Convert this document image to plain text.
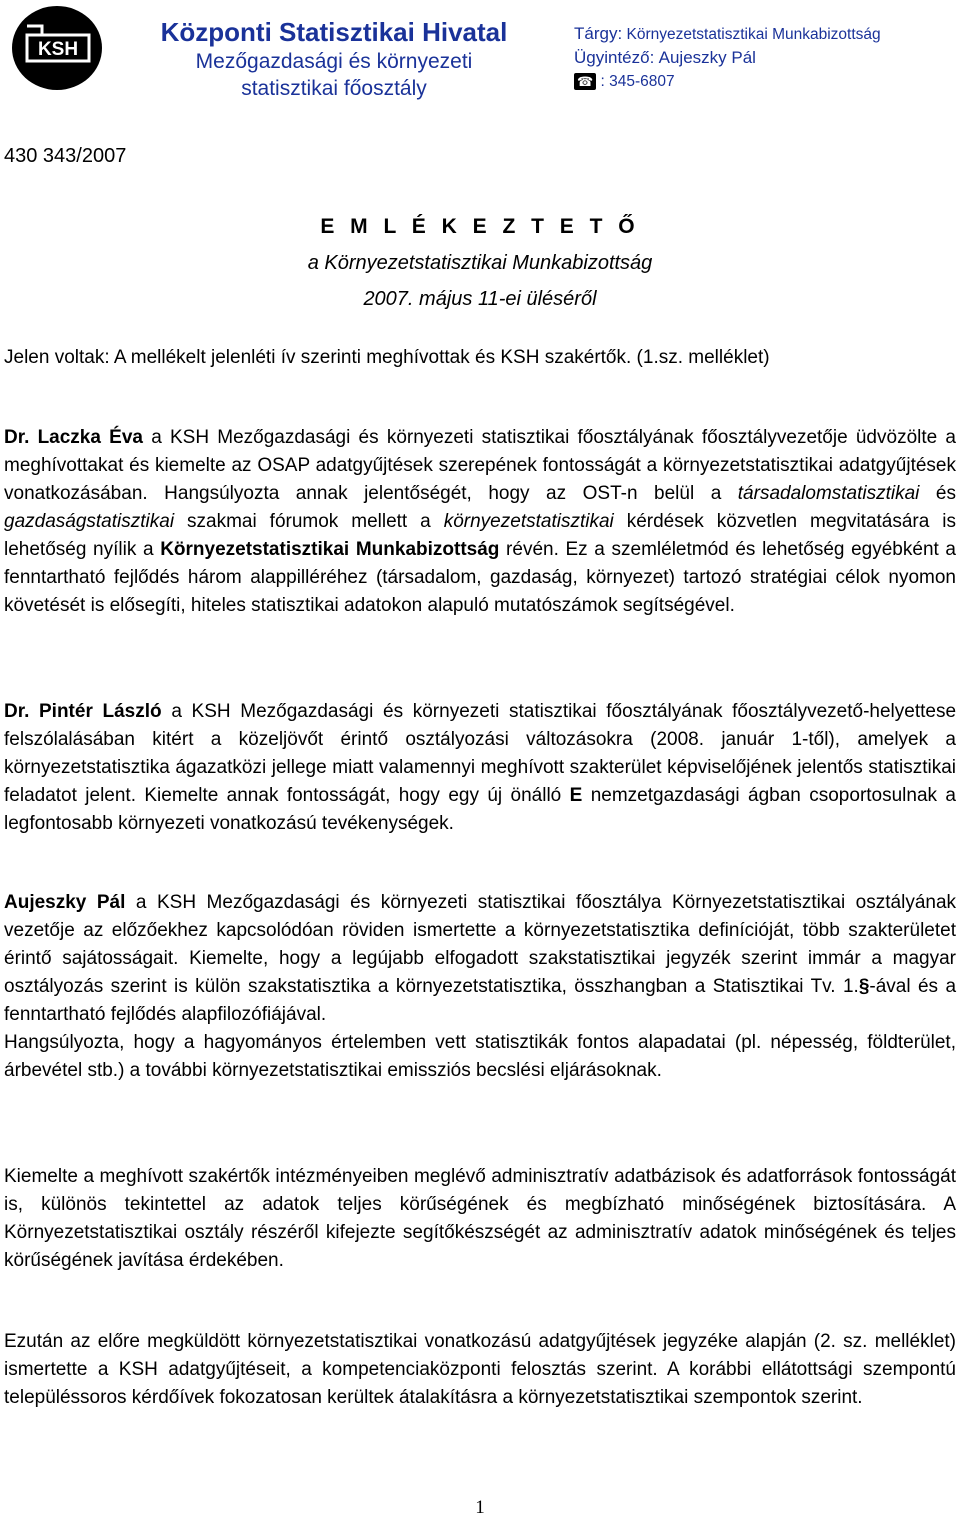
KSH
Központi Statisztikai Hivatal
Mezőgazdasági és környezeti
statisztikai főosztály
Tárgy: Környezetstatisztikai Munkabizottság
Ügyintéző: Aujeszky Pál
☎ : 345-6807
430 343/2007
E M L É K E Z T E T Ő
a Környezetstatisztikai Munkabizottság
2007. május 11-ei üléséről
Jelen voltak: A mellékelt jelenléti ív szerinti meghívottak és KSH szakértők. (1.sz. melléklet)
Dr. Laczka Éva a KSH Mezőgazdasági és környezeti statisztikai főosztályának főosztályvezetője üdvözölte a meghívottakat és kiemelte az OSAP adatgyűjtések szerepének fontosságát a környezetstatisztikai adatgyűjtések vonatkozásában. Hangsúlyozta annak jelentőségét, hogy az OST-n belül a társadalomstatisztikai és gazdaságstatisztikai szakmai fórumok mellett a környezetstatisztikai kérdések közvetlen megvitatására is lehetőség nyílik a Környezetstatisztikai Munkabizottság révén. Ez a szemléletmód és lehetőség egyébként a fenntartható fejlődés három alappilléréhez (társadalom, gazdaság, környezet) tartozó stratégiai célok nyomon követését is elősegíti, hiteles statisztikai adatokon alapuló mutatószámok segítségével.
Dr. Pintér László a KSH Mezőgazdasági és környezeti statisztikai főosztályának főosztályvezető-helyettese felszólalásában kitért a közeljövőt érintő osztályozási változásokra (2008. január 1-től), amelyek a környezetstatisztika ágazatközi jellege miatt valamennyi meghívott szakterület képviselőjének jelentős statisztikai feladatot jelent. Kiemelte annak fontosságát, hogy egy új önálló E nemzetgazdasági ágban csoportosulnak a legfontosabb környezeti vonatkozású tevékenységek.

Aujeszky Pál a KSH Mezőgazdasági és környezeti statisztikai főosztálya Környezetstatisztikai osztályának vezetője az előzőekhez kapcsolódóan röviden ismertette a környezetstatisztika definícióját, több szakterületet érintő sajátosságait. Kiemelte, hogy a legújabb elfogadott szakstatisztikai jegyzék szerint immár a magyar osztályozás szerint is külön szakstatisztika a környezetstatisztika, összhangban a Statisztikai Tv. 1.§-ával és a fenntartható fejlődés alapfilozófiájával.

Hangsúlyozta, hogy a hagyományos értelemben vett statisztikák fontos alapadatai (pl. népesség, földterület, árbevétel stb.) a további környezetstatisztikai emissziós becslési eljárásoknak.

Kiemelte a meghívott szakértők intézményeiben meglévő adminisztratív adatbázisok és adatforrások fontosságát is, különös tekintettel az adatok teljes körűségének és megbízható minőségének biztosítására. A Környezetstatisztikai osztály részéről kifejezte segítőkészségét az adminisztratív adatok minőségének és teljes körűségének javítása érdekében.
Ezután az előre megküldött környezetstatisztikai vonatkozású adatgyűjtések jegyzéke alapján (2. sz. melléklet) ismertette a KSH adatgyűjtéseit, a kompetenciaközponti felosztás szerint. A korábbi ellátottsági szempontú településsoros kérdőívek fokozatosan kerültek átalakításra a környezetstatisztikai szempontok szerint.
1
